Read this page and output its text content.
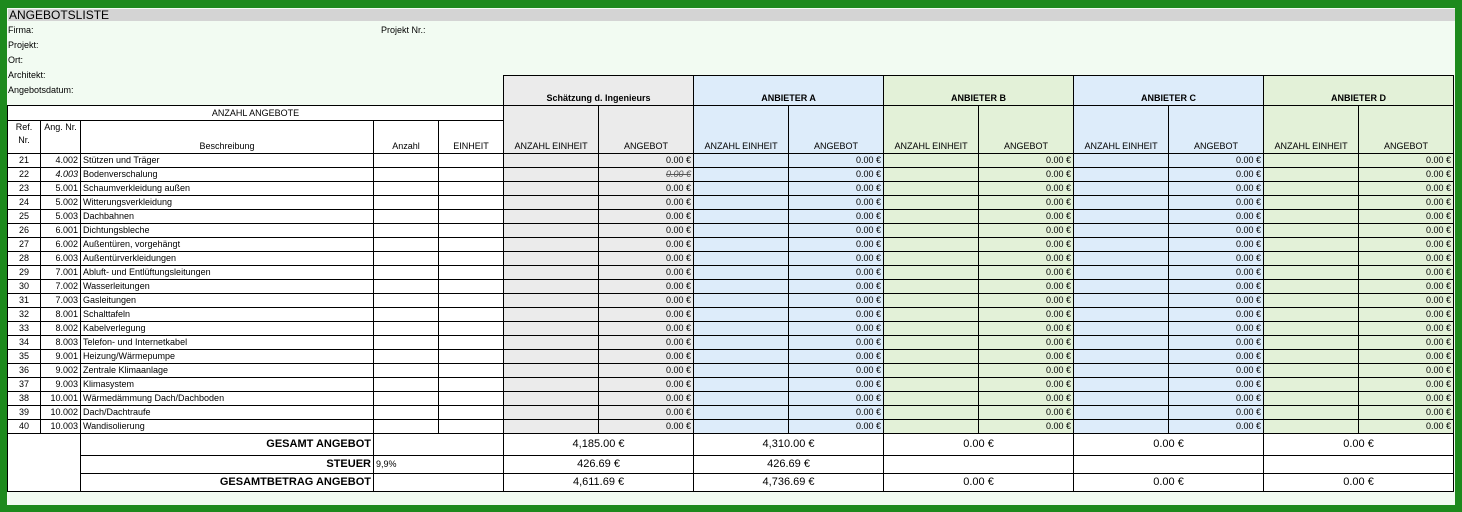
ANGEBOTSLISTE
Firma:	Projekt Nr.:
Projekt:
Ort:
Architekt:
Angebotsdatum:

					Schätzung d. Ingenieurs		ANBIETER A		ANBIETER B		ANBIETER C		ANBIETER D	
ANZAHL ANGEBOTE					ANZAHL EINHEIT	ANGEBOT	ANZAHL EINHEIT	ANGEBOT	ANZAHL EINHEIT	ANGEBOT	ANZAHL EINHEIT	ANGEBOT	ANZAHL EINHEIT	ANGEBOT
Ref. Nr.	Ang. Nr.	Beschreibung	Anzahl	EINHEIT										
21	4.002	Stützen und Träger				0.00 €		0.00 €		0.00 €		0.00 €		0.00 €
22	4.003	Bodenverschalung				0.00 €		0.00 €		0.00 €		0.00 €		0.00 €
23	5.001	Schaumverkleidung außen				0.00 €		0.00 €		0.00 €		0.00 €		0.00 €
24	5.002	Witterungsverkleidung				0.00 €		0.00 €		0.00 €		0.00 €		0.00 €
25	5.003	Dachbahnen				0.00 €		0.00 €		0.00 €		0.00 €		0.00 €
26	6.001	Dichtungsbleche				0.00 €		0.00 €		0.00 €		0.00 €		0.00 €
27	6.002	Außentüren, vorgehängt				0.00 €		0.00 €		0.00 €		0.00 €		0.00 €
28	6.003	Außentürverkleidungen				0.00 €		0.00 €		0.00 €		0.00 €		0.00 €
29	7.001	Abluft- und Entlüftungsleitungen				0.00 €		0.00 €		0.00 €		0.00 €		0.00 €
30	7.002	Wasserleitungen				0.00 €		0.00 €		0.00 €		0.00 €		0.00 €
31	7.003	Gasleitungen				0.00 €		0.00 €		0.00 €		0.00 €		0.00 €
32	8.001	Schalttafeln				0.00 €		0.00 €		0.00 €		0.00 €		0.00 €
33	8.002	Kabelverlegung				0.00 €		0.00 €		0.00 €		0.00 €		0.00 €
34	8.003	Telefon- und Internetkabel				0.00 €		0.00 €		0.00 €		0.00 €		0.00 €
35	9.001	Heizung/Wärmepumpe				0.00 €		0.00 €		0.00 €		0.00 €		0.00 €
36	9.002	Zentrale Klimaanlage				0.00 €		0.00 €		0.00 €		0.00 €		0.00 €
37	9.003	Klimasystem				0.00 €		0.00 €		0.00 €		0.00 €		0.00 €
38	10.001	Wärmedämmung Dach/Dachboden				0.00 €		0.00 €		0.00 €		0.00 €		0.00 €
39	10.002	Dach/Dachtraufe				0.00 €		0.00 €		0.00 €		0.00 €		0.00 €
40	10.003	Wandisolierung				0.00 €		0.00 €		0.00 €		0.00 €		0.00 €
		GESAMT ANGEBOT			4,185.00 €		4,310.00 €		0.00 €		0.00 €		0.00 €	
		STEUER	9,9%		426.69 €		426.69 €							
		GESAMTBETRAG ANGEBOT			4,611.69 €		4,736.69 €		0.00 €		0.00 €		0.00 €	
